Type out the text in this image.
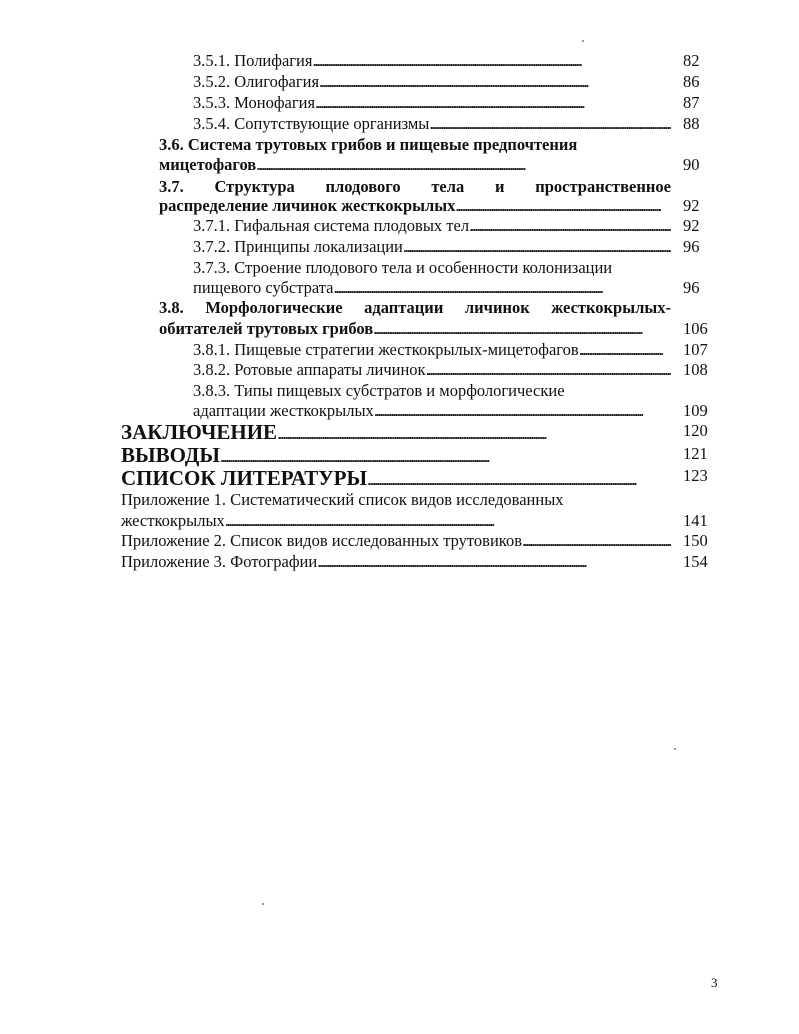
3.5.1. Полифагия . . .	82
3.5.2. Олигофагия . . .	86
3.5.3. Монофагия . . .	87
3.5.4. Сопутствующие организмы . . .	88
3.6. Система трутовых грибов и пищевые предпочтения
мицетофагов . . .	90
3.7. Структура плодового тела и пространственное
распределение личинок жесткокрылых . . .	92
3.7.1. Гифальная система плодовых тел . . .	92
3.7.2. Принципы локализации . . .	96
3.7.3. Строение плодового тела и особенности колонизации
пищевого субстрата . . .	96
3.8. Морфологические адаптации личинок жесткокрылых-
обитателей трутовых грибов . . .	106
3.8.1. Пищевые стратегии жесткокрылых-мицетофагов . . .	107
3.8.2. Ротовые аппараты личинок . . .	108
3.8.3. Типы пищевых субстратов и морфологические
адаптации жесткокрылых . . .	109
ЗАКЛЮЧЕНИЕ . . .	120
ВЫВОДЫ . . .	121
СПИСОК ЛИТЕРАТУРЫ . . .	123
Приложение 1. Систематический список видов исследованных
жесткокрылых . . .	141
Приложение 2. Список видов исследованных трутовиков . . .	150
Приложение 3. Фотографии . . .	154
3
